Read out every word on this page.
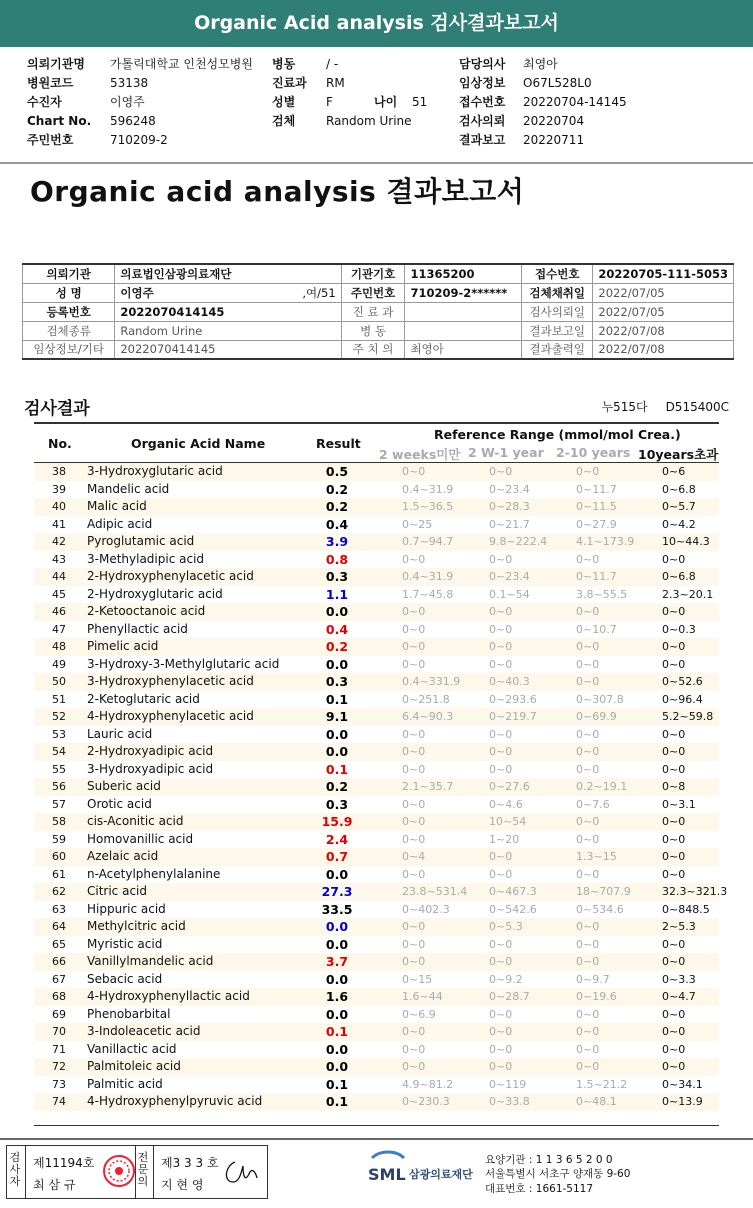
Organic Acid analysis 검사결과보고서
의뢰기관명 가톨릭대학교 인천성모병원
병원코드	53138
수진자	이영주
Chart No. 596248
주민번호	710209-2
병동	/ -
진료과 RM
성별	F
검체	Random Urine
나이 51
담당의사 최영아
임상정보 O67L528L0
접수번호 20220704-14145
검사의뢰 20220704
결과보고 20220711
Organic acid analysis 결과보고서
의뢰기관	의료법인삼광의료재단	기관기호	11365200	접수번호	20220705-111-5053
성 명	이영주 ,여/51	주민번호	710209-2******	검체채취일	2022/07/05
등록번호	2022070414145	진 료 과		검사의뢰일	2022/07/05
검체종류	Random Urine	병 동		결과보고일	2022/07/08
임상정보/기타	2022070414145	주 치 의	최영아	결과출력일	2022/07/08
검사결과	누515다 D515400C
No.	Organic Acid Name	Result
Reference Range (mmol/mol Crea.)
2 weeks미만 2 W-1 year 2-10 years 10years초과
38	3-Hydroxyglutaric acid	0.5	0~0	0~0	0~0	0~6
39	Mandelic acid	0.2	0.4~31.9	0~23.4	0~11.7	0~6.8
40	Malic acid	0.2	1.5~36.5	0~28.3	0~11.5	0~5.7
41	Adipic acid	0.4	0~25	0~21.7	0~27.9	0~4.2
42	Pyroglutamic acid	3.9	0.7~94.7	9.8~222.4	4.1~173.9	10~44.3
43	3-Methyladipic acid	0.8	0~0	0~0	0~0	0~0
44	2-Hydroxyphenylacetic acid	0.3	0.4~31.9	0~23.4	0~11.7	0~6.8
45	2-Hydroxyglutaric acid	1.1	1.7~45.8	0.1~54	3.8~55.5	2.3~20.1
46	2-Ketooctanoic acid	0.0	0~0	0~0	0~0	0~0
47	Phenyllactic acid	0.4	0~0	0~0	0~10.7	0~0.3
48	Pimelic acid	0.2	0~0	0~0	0~0	0~0
49	3-Hydroxy-3-Methylglutaric acid	0.0	0~0	0~0	0~0	0~0
50	3-Hydroxyphenylacetic acid	0.3	0.4~331.9	0~40.3	0~0	0~52.6
51	2-Ketoglutaric acid	0.1	0~251.8	0~293.6	0~307.8	0~96.4
52	4-Hydroxyphenylacetic acid	9.1	6.4~90.3	0~219.7	0~69.9	5.2~59.8
53	Lauric acid	0.0	0~0	0~0	0~0	0~0
54	2-Hydroxyadipic acid	0.0	0~0	0~0	0~0	0~0
55	3-Hydroxyadipic acid	0.1	0~0	0~0	0~0	0~0
56	Suberic acid	0.2	2.1~35.7	0~27.6	0.2~19.1	0~8
57	Orotic acid	0.3	0~0	0~4.6	0~7.6	0~3.1
58	cis-Aconitic acid	15.9	0~0	10~54	0~0	0~0
59	Homovanillic acid	2.4	0~0	1~20	0~0	0~0
60	Azelaic acid	0.7	0~4	0~0	1.3~15	0~0
61	n-Acetylphenylalanine	0.0	0~0	0~0	0~0	0~0
62	Citric acid	27.3	23.8~531.4 0~467.3	18~707.9	32.3~321.3
63	Hippuric acid	33.5	0~402.3	0~542.6	0~534.6	0~848.5
64	Methylcitric acid	0.0	0~0	0~5.3	0~0	2~5.3
65	Myristic acid	0.0	0~0	0~0	0~0	0~0
66	Vanillylmandelic acid	3.7	0~0	0~0	0~0	0~0
67	Sebacic acid	0.0	0~15	0~9.2	0~9.7	0~3.3
68	4-Hydroxyphenyllactic acid	1.6	1.6~44	0~28.7	0~19.6	0~4.7
69	Phenobarbital	0.0	0~6.9	0~0	0~0	0~0
70	3-Indoleacetic acid	0.1	0~0	0~0	0~0	0~0
71	Vanillactic acid	0.0	0~0	0~0	0~0	0~0
72	Palmitoleic acid	0.0	0~0	0~0	0~0	0~0
73	Palmitic acid	0.1	4.9~81.2	0~119	1.5~21.2	0~34.1
74	4-Hydroxyphenylpyruvic acid	0.1	0~230.3	0~33.8	0~48.1	0~13.9
검
사
자
제11194호
최 삼 규
전
문
의
제3 3 3 호
지 현 영
SML 삼광의료재단
요양기관 : 1 1 3 6 5 2 0 0
서울특별시 서초구 양재동 9-60
대표번호 : 1661-5117
